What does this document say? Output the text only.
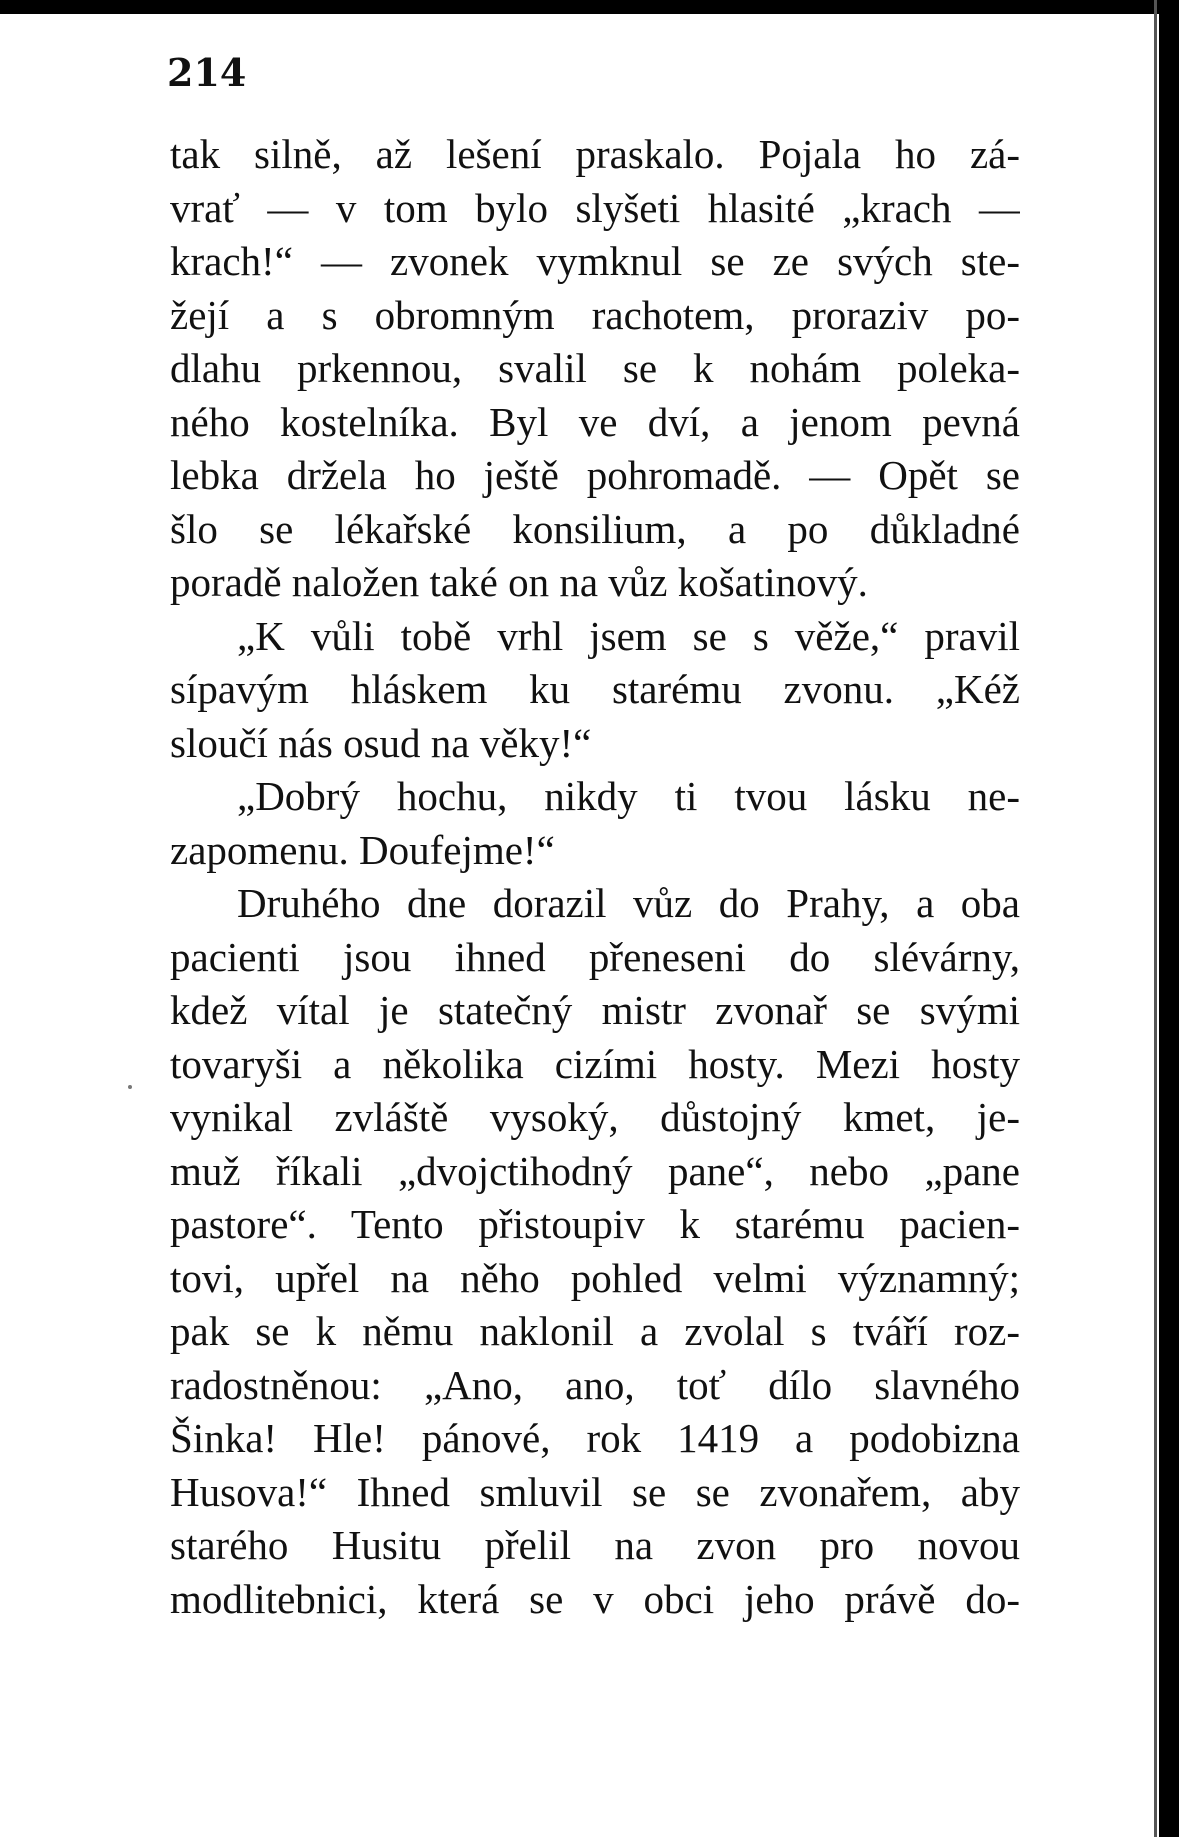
214

tak silně, až lešení praskalo. Pojala ho zá-
vrať — v tom bylo slyšeti hlasité „krach —
krach!“ — zvonek vymknul se ze svých ste-
žejí a s obromným rachotem, proraziv po-
dlahu prkennou, svalil se k nohám poleka-
ného kostelníka. Byl ve dví, a jenom pevná
lebka držela ho ještě pohromadě. — Opět se
šlo se lékařské konsilium, a po důkladné
poradě naložen také on na vůz košatinový.
„K vůli tobě vrhl jsem se s věže,“ pravil
sípavým hláskem ku starému zvonu. „Kéž
sloučí nás osud na věky!“
„Dobrý hochu, nikdy ti tvou lásku ne-
zapomenu. Doufejme!“
Druhého dne dorazil vůz do Prahy, a oba
pacienti jsou ihned přeneseni do slévárny,
kdež vítal je statečný mistr zvonař se svými
tovaryši a několika cizími hosty. Mezi hosty
vynikal zvláště vysoký, důstojný kmet, je-
muž říkali „dvojctihodný pane“, nebo „pane
pastore“. Tento přistoupiv k starému pacien-
tovi, upřel na něho pohled velmi významný;
pak se k němu naklonil a zvolal s tváří roz-
radostněnou: „Ano, ano, toť dílo slavného
Šinka! Hle! pánové, rok 1419 a podobizna
Husova!“ Ihned smluvil se se zvonařem, aby
starého Husitu přelil na zvon pro novou
modlitebnici, která se v obci jeho právě do-
